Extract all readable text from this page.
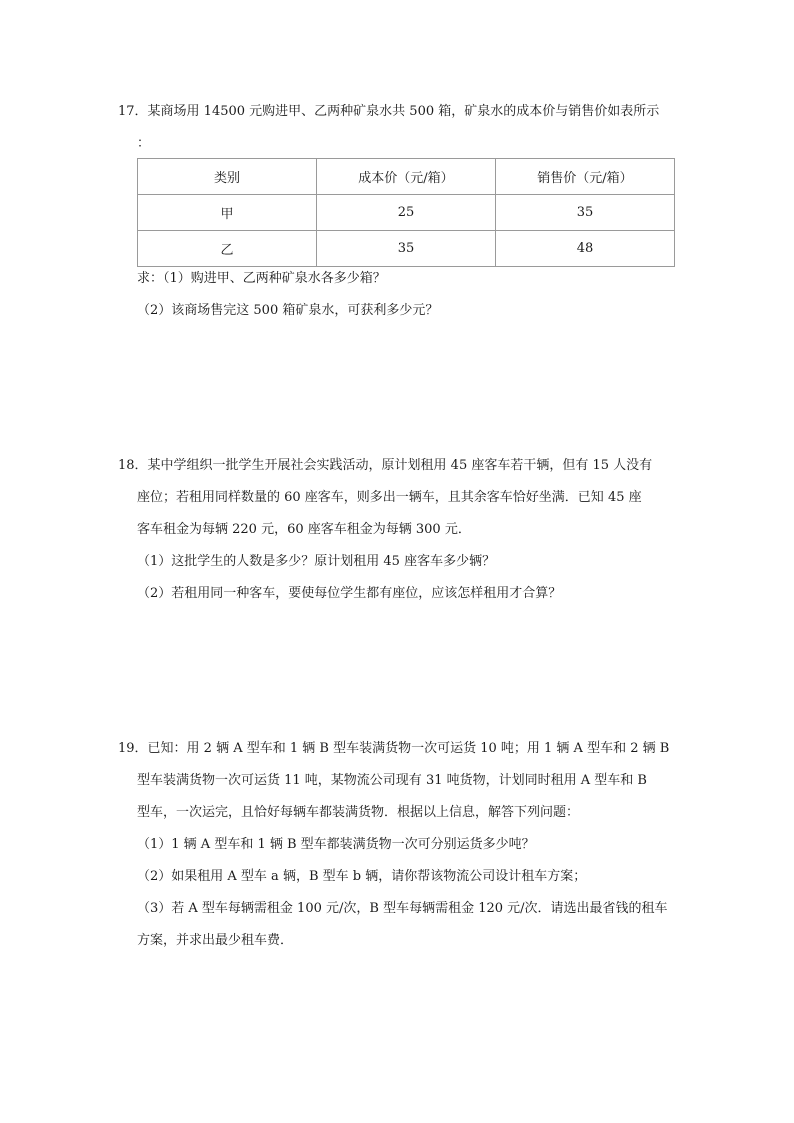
17．某商场用 14500 元购进甲、乙两种矿泉水共 500 箱，矿泉水的成本价与销售价如表所示
：
类别	成本价（元/箱）	销售价（元/箱）
甲	25	35
乙	35	48
求：（1）购进甲、乙两种矿泉水各多少箱？
（2）该商场售完这 500 箱矿泉水，可获利多少元？
18．某中学组织一批学生开展社会实践活动，原计划租用 45 座客车若干辆，但有 15 人没有
座位；若租用同样数量的 60 座客车，则多出一辆车，且其余客车恰好坐满．已知 45 座
客车租金为每辆 220 元，60 座客车租金为每辆 300 元．
（1）这批学生的人数是多少？原计划租用 45 座客车多少辆？
（2）若租用同一种客车，要使每位学生都有座位，应该怎样租用才合算？
19．已知：用 2 辆 A 型车和 1 辆 B 型车装满货物一次可运货 10 吨；用 1 辆 A 型车和 2 辆 B
型车装满货物一次可运货 11 吨，某物流公司现有 31 吨货物，计划同时租用 A 型车和 B
型车，一次运完，且恰好每辆车都装满货物．根据以上信息，解答下列问题：
（1）1 辆 A 型车和 1 辆 B 型车都装满货物一次可分别运货多少吨？
（2）如果租用 A 型车 a 辆，B 型车 b 辆，请你帮该物流公司设计租车方案；
（3）若 A 型车每辆需租金 100 元/次，B 型车每辆需租金 120 元/次．请选出最省钱的租车
方案，并求出最少租车费．
